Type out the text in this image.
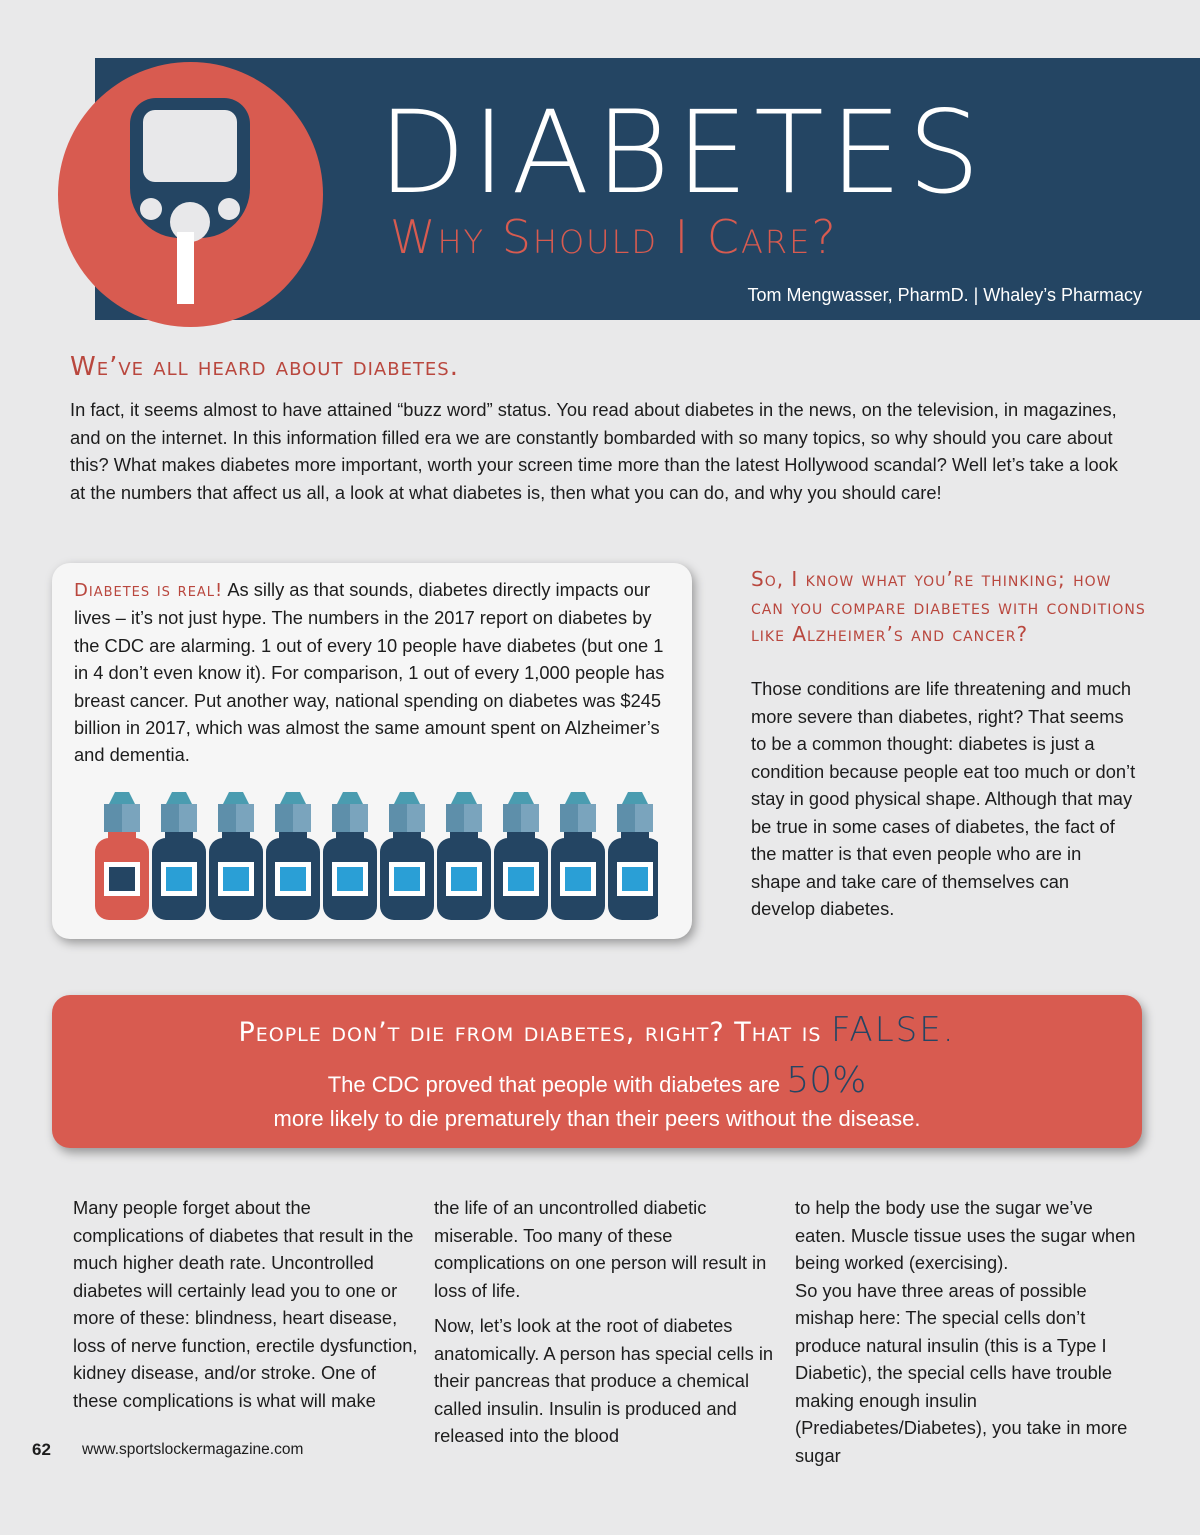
DIABETES
Why Should I Care?
Tom Mengwasser, PharmD. | Whaley’s Pharmacy
We’ve all heard about diabetes.
In fact, it seems almost to have attained “buzz word” status. You read about diabetes in the news, on the television, in magazines, and on the internet. In this information filled era we are constantly bombarded with so many topics, so why should you care about this? What makes diabetes more important, worth your screen time more than the latest Hollywood scandal? Well let’s take a look at the numbers that affect us all, a look at what diabetes is, then what you can do, and why you should care!
Diabetes is real! As silly as that sounds, diabetes directly impacts our lives – it’s not just hype. The numbers in the 2017 report on diabetes by the CDC are alarming. 1 out of every 10 people have diabetes (but one 1 in 4 don’t even know it). For comparison, 1 out of every 1,000 people has breast cancer. Put another way, national spending on diabetes was $245 billion in 2017, which was almost the same amount spent on Alzheimer’s and dementia.
So, I know what you’re thinking; how can you compare diabetes with conditions like Alzheimer’s and cancer?
Those conditions are life threatening and much more severe than diabetes, right? That seems to be a common thought: diabetes is just a condition because people eat too much or don’t stay in good physical shape. Although that may be true in some cases of diabetes, the fact of the matter is that even people who are in shape and take care of themselves can develop diabetes.
People don’t die from diabetes, right? That is FALSE.
The CDC proved that people with diabetes are 50%
more likely to die prematurely than their peers without the disease.

Many people forget about the complications of diabetes that result in the much higher death rate. Uncontrolled diabetes will certainly lead you to one or more of these: blindness, heart disease, loss of nerve function, erectile dysfunction, kidney disease, and/or stroke. One of these complications is what will make

the life of an uncontrolled diabetic miserable. Too many of these complications on one person will result in loss of life.

Now, let’s look at the root of diabetes anatomically. A person has special cells in their pancreas that produce a chemical called insulin. Insulin is produced and released into the blood

to help the body use the sugar we’ve eaten. Muscle tissue uses the sugar when being worked (exercising).

So you have three areas of possible mishap here: The special cells don’t produce natural insulin (this is a Type I Diabetic), the special cells have trouble making enough insulin (Prediabetes/Diabetes), you take in more sugar

62 www.sportslockermagazine.com
